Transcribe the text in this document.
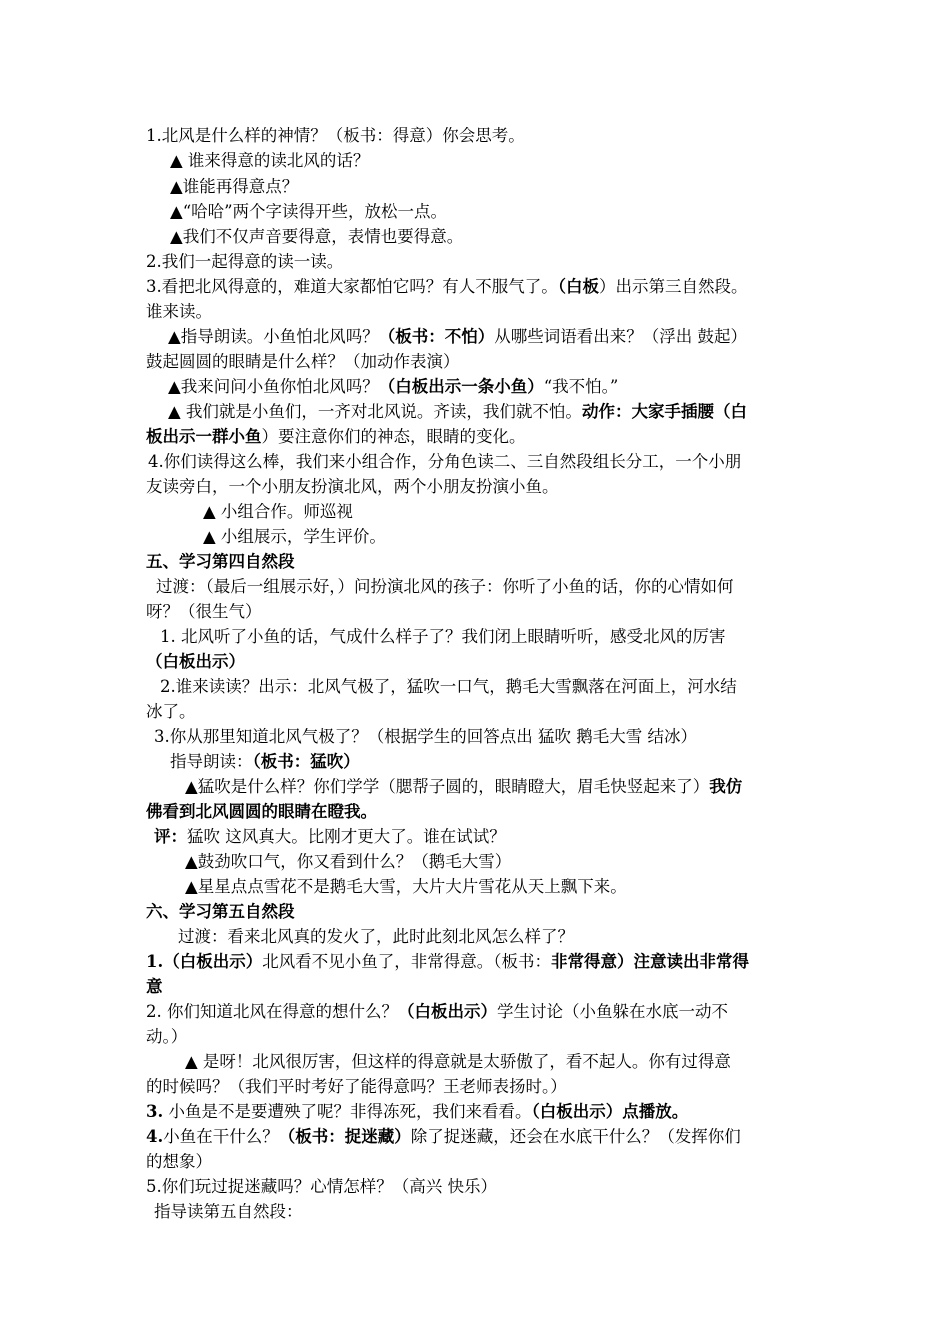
1.北风是什么样的神情？（板书：得意）你会思考。
▲ 谁来得意的读北风的话？
▲谁能再得意点？
▲“哈哈”两个字读得开些，放松一点。
▲我们不仅声音要得意，表情也要得意。
2.我们一起得意的读一读。
3.看把北风得意的，难道大家都怕它吗？有人不服气了。（白板）出示第三自然段。
谁来读。
▲指导朗读。小鱼怕北风吗？（板书：不怕）从哪些词语看出来？（浮出 鼓起）
鼓起圆圆的眼睛是什么样？（加动作表演）
▲我来问问小鱼你怕北风吗？（白板出示一条小鱼）“我不怕。”
▲ 我们就是小鱼们，一齐对北风说。齐读，我们就不怕。动作：大家手插腰（白
板出示一群小鱼）要注意你们的神态，眼睛的变化。
4.你们读得这么棒，我们来小组合作，分角色读二、三自然段组长分工，一个小朋
友读旁白，一个小朋友扮演北风，两个小朋友扮演小鱼。
▲ 小组合作。师巡视
▲ 小组展示，学生评价。
五、学习第四自然段
过渡：（最后一组展示好，）问扮演北风的孩子：你听了小鱼的话，你的心情如何
呀？（很生气）
1. 北风听了小鱼的话，气成什么样子了？我们闭上眼睛听听，感受北风的厉害
（白板出示）
2.谁来读读？出示：北风气极了，猛吹一口气，鹅毛大雪飘落在河面上，河水结
冰了。
3.你从那里知道北风气极了？（根据学生的回答点出 猛吹 鹅毛大雪 结冰）
指导朗读：（板书：猛吹）
▲猛吹是什么样？你们学学（腮帮子圆的，眼睛瞪大，眉毛快竖起来了）我仿
佛看到北风圆圆的眼睛在瞪我。
评：猛吹 这风真大。比刚才更大了。谁在试试？
▲鼓劲吹口气，你又看到什么？（鹅毛大雪）
▲星星点点雪花不是鹅毛大雪，大片大片雪花从天上飘下来。
六、学习第五自然段
过渡：看来北风真的发火了，此时此刻北风怎么样了？
1.（白板出示）北风看不见小鱼了，非常得意。（板书：非常得意）注意读出非常得
意
2. 你们知道北风在得意的想什么？（白板出示）学生讨论（小鱼躲在水底一动不
动。）
▲ 是呀！北风很厉害，但这样的得意就是太骄傲了，看不起人。你有过得意
的时候吗？（我们平时考好了能得意吗？王老师表扬时。）
3. 小鱼是不是要遭殃了呢？非得冻死，我们来看看。（白板出示）点播放。
4.小鱼在干什么？（板书：捉迷藏）除了捉迷藏，还会在水底干什么？（发挥你们
的想象）
5.你们玩过捉迷藏吗？心情怎样？（高兴 快乐）
指导读第五自然段：
